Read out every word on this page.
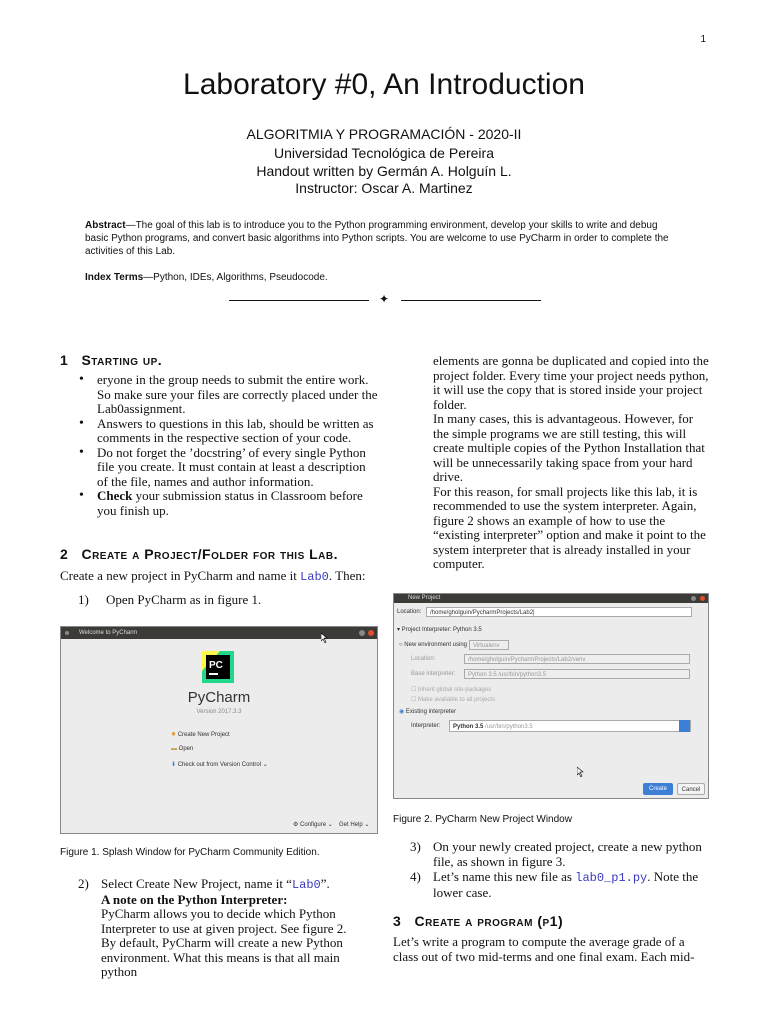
1
Laboratory #0, An Introduction
ALGORITMIA Y PROGRAMACIÓN - 2020-II
Universidad Tecnológica de Pereira
Handout written by Germán A. Holguín L.
Instructor: Oscar A. Martinez
Abstract—The goal of this lab is to introduce you to the Python programming environment, develop your skills to write and debug basic Python programs, and convert basic algorithms into Python scripts. You are welcome to use PyCharm in order to complete the activities of this Lab.
Index Terms—Python, IDEs, Algorithms, Pseudocode.
✦
1 Starting up.
• eryone in the group needs to submit the entire work. So make sure your files are correctly placed under the Lab0assignment.
• Answers to questions in this lab, should be written as comments in the respective section of your code.
• Do not forget the ’docstring’ of every single Python file you create. It must contain at least a description of the file, names and author information.
• Check your submission status in Classroom before you finish up.
2 Create a Project/Folder for this Lab.
Create a new project in PyCharm and name it Lab0. Then:
1) Open PyCharm as in figure 1.
Welcome to PyCharm
PC
PyCharm
Version 2017.3.3
✸ Create New Project
▬ Open
⬇ Check out from Version Control ⌄
⚙ Configure ⌄ Get Help ⌄
Figure 1. Splash Window for PyCharm Community Edition.
2) Select Create New Project, name it “Lab0”.
A note on the Python Interpreter:
PyCharm allows you to decide which Python Interpreter to use at given project. See figure 2.
By default, PyCharm will create a new Python environment. What this means is that all main python
elements are gonna be duplicated and copied into the project folder. Every time your project needs python, it will use the copy that is stored inside your project folder.
In many cases, this is advantageous. However, for the simple programs we are still testing, this will create multiple copies of the Python Installation that will be unnecessarily taking space from your hard drive.
For this reason, for small projects like this lab, it is recommended to use the system interpreter. Again, figure 2 shows an example of how to use the “existing interpreter” option and make it point to the system interpreter that is already installed in your computer.
New Project
Location:	/home/gholguin/PycharmProjects/Lab2|
▾ Project Interpreter: Python 3.5
○ New environment using	Virtualenv
Location:	/home/gholguin/PycharmProjects/Lab2/venv
Base interpreter:	Python 3.5 /usr/bin/python3.5
☐ Inherit global site-packages
☐ Make available to all projects
◉ Existing interpreter
Interpreter:	Python 3.5 /usr/bin/python3.5
Create	Cancel
Figure 2. PyCharm New Project Window
3) On your newly created project, create a new python file, as shown in figure 3.
4) Let’s name this new file as lab0_p1.py. Note the lower case.
3 Create a program (p1)
Let’s write a program to compute the average grade of a class out of two mid-terms and one final exam. Each mid-
